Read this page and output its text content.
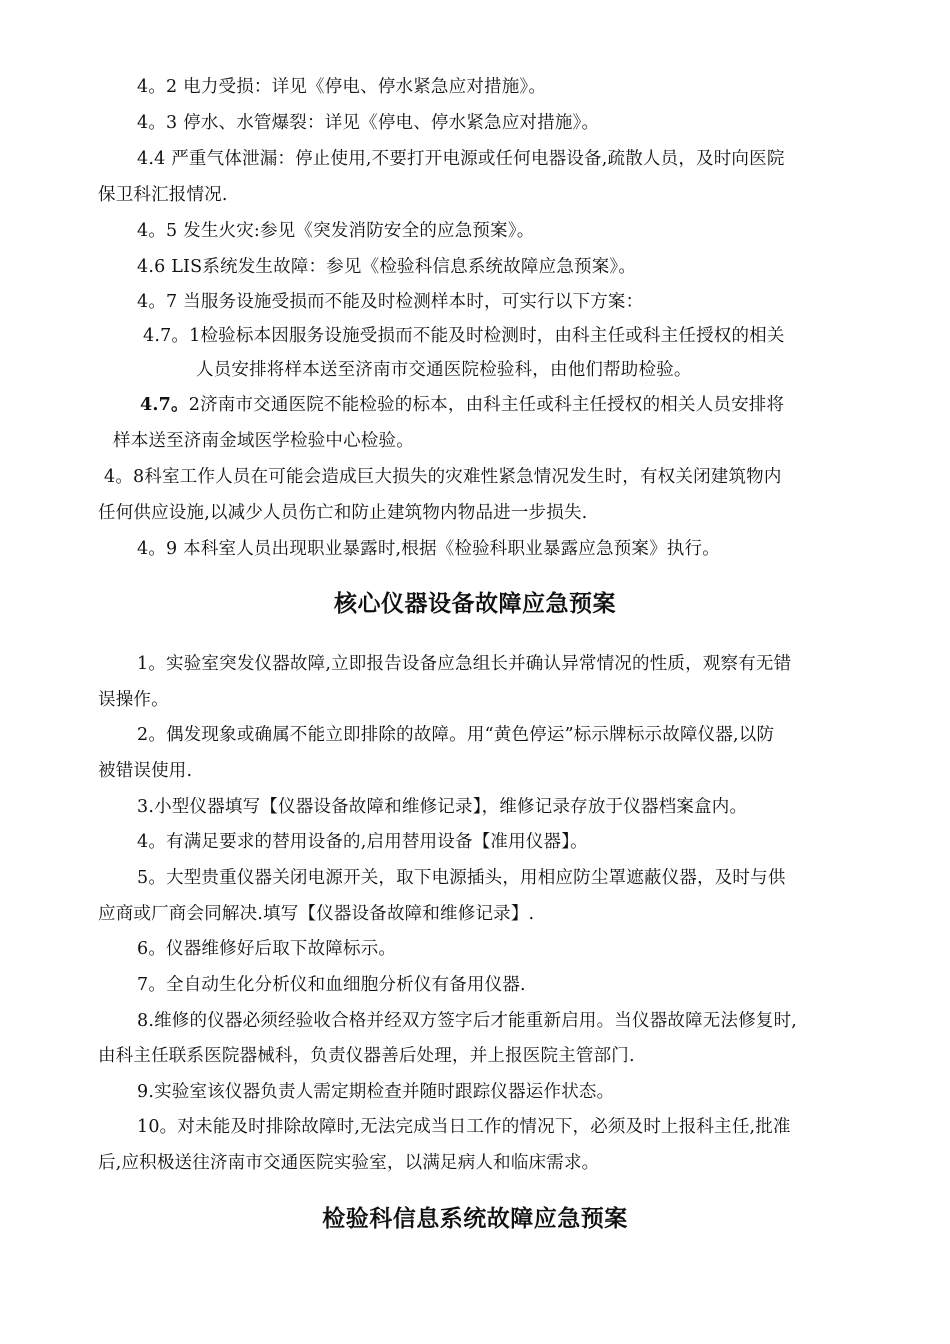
4。2 电力受损：详见《停电、停水紧急应对措施》。
4。3 停水、水管爆裂：详见《停电、停水紧急应对措施》。
4.4 严重气体泄漏：停止使用,不要打开电源或任何电器设备,疏散人员，及时向医院
保卫科汇报情况.
4。5 发生火灾:参见《突发消防安全的应急预案》。
4.6 LIS系统发生故障：参见《检验科信息系统故障应急预案》。
4。7 当服务设施受损而不能及时检测样本时，可实行以下方案：
4.7。1检验标本因服务设施受损而不能及时检测时，由科主任或科主任授权的相关
人员安排将样本送至济南市交通医院检验科，由他们帮助检验。
4.7。2济南市交通医院不能检验的标本，由科主任或科主任授权的相关人员安排将
样本送至济南金域医学检验中心检验。
4。8科室工作人员在可能会造成巨大损失的灾难性紧急情况发生时，有权关闭建筑物内
任何供应设施,以减少人员伤亡和防止建筑物内物品进一步损失.
4。9 本科室人员出现职业暴露时,根据《检验科职业暴露应急预案》执行。
核心仪器设备故障应急预案
1。实验室突发仪器故障,立即报告设备应急组长并确认异常情况的性质，观察有无错
误操作。
2。偶发现象或确属不能立即排除的故障。用“黄色停运”标示牌标示故障仪器,以防
被错误使用.
3.小型仪器填写【仪器设备故障和维修记录】，维修记录存放于仪器档案盒内。
4。有满足要求的替用设备的,启用替用设备【准用仪器】。
5。大型贵重仪器关闭电源开关，取下电源插头，用相应防尘罩遮蔽仪器，及时与供
应商或厂商会同解决.填写【仪器设备故障和维修记录】.
6。仪器维修好后取下故障标示。
7。全自动生化分析仪和血细胞分析仪有备用仪器.
8.维修的仪器必须经验收合格并经双方签字后才能重新启用。当仪器故障无法修复时,
由科主任联系医院器械科，负责仪器善后处理，并上报医院主管部门.
9.实验室该仪器负责人需定期检查并随时跟踪仪器运作状态。
10。对未能及时排除故障时,无法完成当日工作的情况下，必须及时上报科主任,批准
后,应积极送往济南市交通医院实验室，以满足病人和临床需求。
检验科信息系统故障应急预案
